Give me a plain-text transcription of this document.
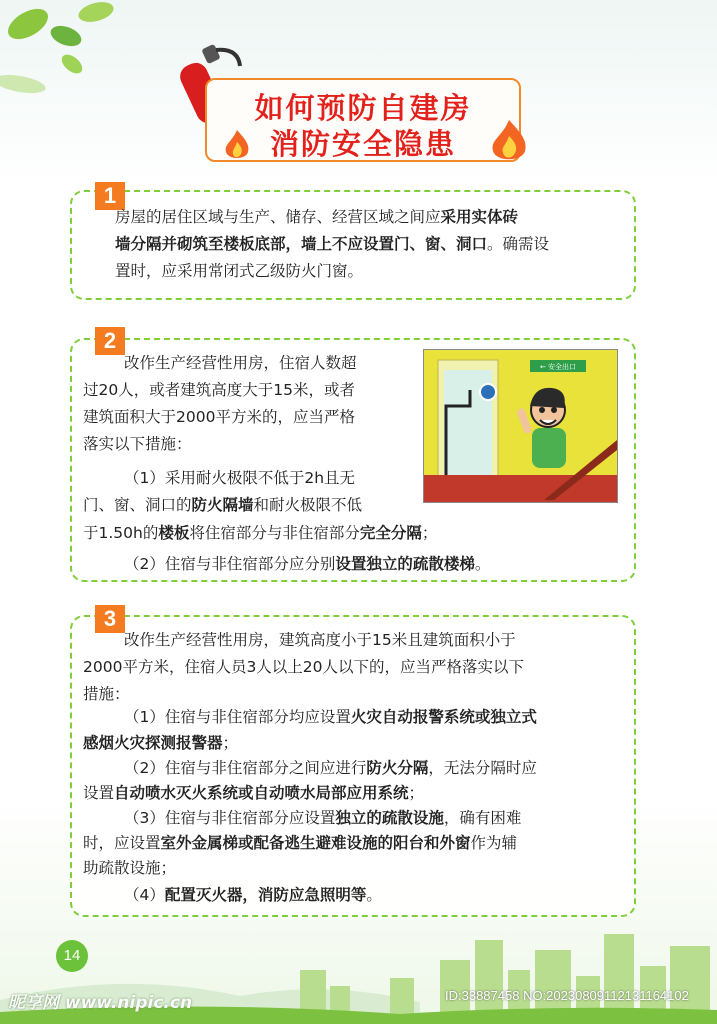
如何预防自建房
消防安全隐患
1
房屋的居住区域与生产、储存、经营区域之间应采用实体砖
墙分隔并砌筑至楼板底部，墙上不应设置门、窗、洞口。确需设
置时，应采用常闭式乙级防火门窗。
2
← 安全出口
改作生产经营性用房，住宿人数超
过20人，或者建筑高度大于15米，或者
建筑面积大于2000平方米的，应当严格
落实以下措施：
（1）采用耐火极限不低于2h且无
门、窗、洞口的防火隔墙和耐火极限不低
于1.50h的楼板将住宿部分与非住宿部分完全分隔；
（2）住宿与非住宿部分应分别设置独立的疏散楼梯。
3
改作生产经营性用房，建筑高度小于15米且建筑面积小于
2000平方米，住宿人员3人以上20人以下的，应当严格落实以下
措施：
（1）住宿与非住宿部分均应设置火灾自动报警系统或独立式
感烟火灾探测报警器；
（2）住宿与非住宿部分之间应进行防火分隔，无法分隔时应
设置自动喷水灭火系统或自动喷水局部应用系统；
（3）住宿与非住宿部分应设置独立的疏散设施，确有困难
时，应设置室外金属梯或配备逃生避难设施的阳台和外窗作为辅
助疏散设施；
（4）配置灭火器，消防应急照明等。
14
昵享网 www.nipic.cn	ID:33887458 NO:20230809112131164102
